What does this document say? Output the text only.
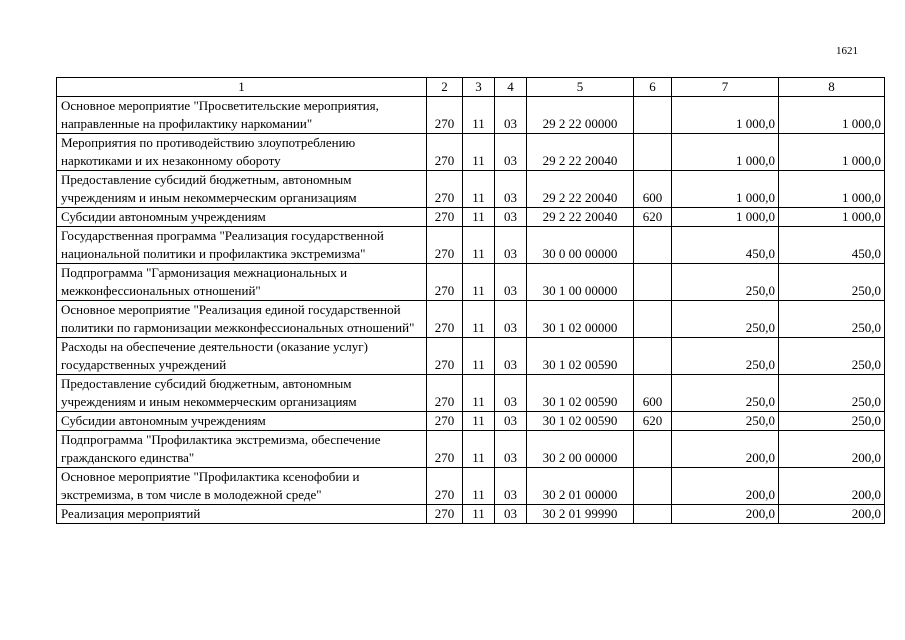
1621
1	2	3	4	5	6	7	8
Основное мероприятие "Просветительские мероприятия, направленные на профилактику наркомании"	270	11	03	29 2 22 00000		1 000,0	1 000,0
Мероприятия по противодействию злоупотреблению наркотиками и их незаконному обороту	270	11	03	29 2 22 20040		1 000,0	1 000,0
Предоставление субсидий бюджетным, автономным учреждениям и иным некоммерческим организациям	270	11	03	29 2 22 20040	600	1 000,0	1 000,0
Субсидии автономным учреждениям	270	11	03	29 2 22 20040	620	1 000,0	1 000,0
Государственная программа "Реализация государственной национальной политики и профилактика экстремизма"	270	11	03	30 0 00 00000		450,0	450,0
Подпрограмма "Гармонизация межнациональных и межконфессиональных отношений"	270	11	03	30 1 00 00000		250,0	250,0
Основное мероприятие "Реализация единой государственной политики по гармонизации межконфессиональных отношений"	270	11	03	30 1 02 00000		250,0	250,0
Расходы на обеспечение деятельности (оказание услуг) государственных учреждений	270	11	03	30 1 02 00590		250,0	250,0
Предоставление субсидий бюджетным, автономным учреждениям и иным некоммерческим организациям	270	11	03	30 1 02 00590	600	250,0	250,0
Субсидии автономным учреждениям	270	11	03	30 1 02 00590	620	250,0	250,0
Подпрограмма "Профилактика экстремизма, обеспечение гражданского единства"	270	11	03	30 2 00 00000		200,0	200,0
Основное мероприятие "Профилактика ксенофобии и экстремизма, в том числе в молодежной среде"	270	11	03	30 2 01 00000		200,0	200,0
Реализация мероприятий	270	11	03	30 2 01 99990		200,0	200,0
